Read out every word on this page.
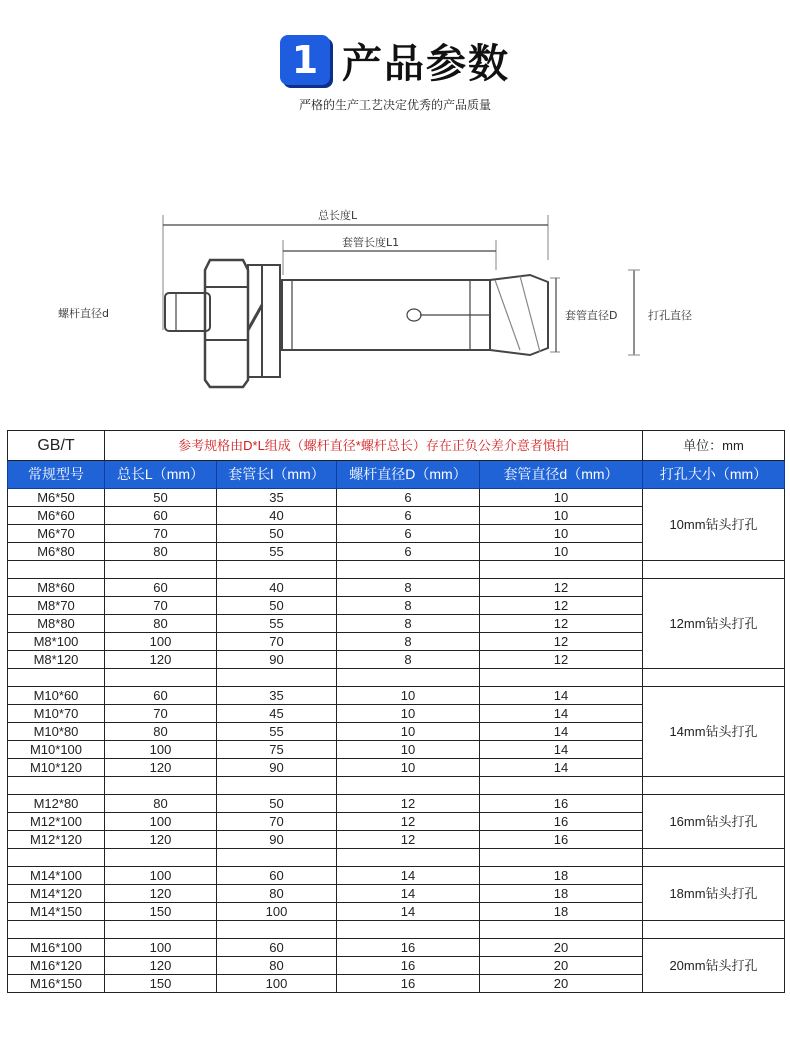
1 产品参数
严格的生产工艺决定优秀的产品质量
总长度L
套管长度L1
螺杆直径d	套管直径D	打孔直径
GB/T	参考规格由D*L组成（螺杆直径*螺杆总长）存在正负公差介意者慎拍				单位：mm
常规型号	总长L（mm）	套管长l（mm）	螺杆直径D（mm）	套管直径d（mm）	打孔大小（mm）
M6*50	50	35	6	10	10mm钻头打孔
M6*60	60	40	6	10	
M6*70	70	50	6	10	
M6*80	80	55	6	10	

M8*60	60	40	8	12	12mm钻头打孔
M8*70	70	50	8	12	
M8*80	80	55	8	12	
M8*100	100	70	8	12	
M8*120	120	90	8	12	

M10*60	60	35	10	14	14mm钻头打孔
M10*70	70	45	10	14	
M10*80	80	55	10	14	
M10*100	100	75	10	14	
M10*120	120	90	10	14	

M12*80	80	50	12	16	16mm钻头打孔
M12*100	100	70	12	16	
M12*120	120	90	12	16	

M14*100	100	60	14	18	18mm钻头打孔
M14*120	120	80	14	18	
M14*150	150	100	14	18	

M16*100	100	60	16	20	20mm钻头打孔
M16*120	120	80	16	20	
M16*150	150	100	16	20	
